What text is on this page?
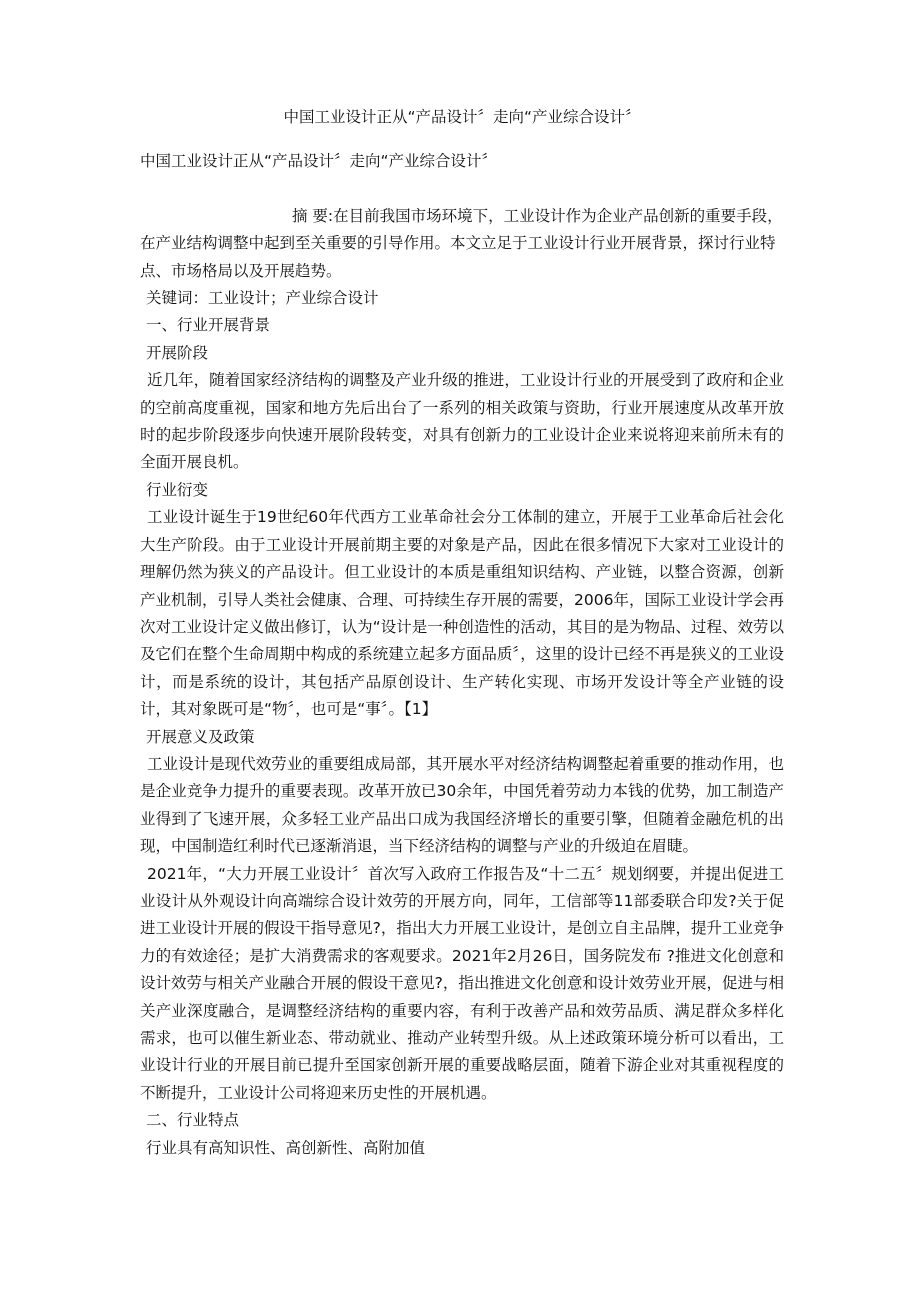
中国工业设计正从“产品设计〞走向“产业综合设计〞

中国工业设计正从“产品设计〞走向“产业综合设计〞

摘 要:在目前我国市场环境下，工业设计作为企业产品创新的重要手段，在产业结构调整中起到至关重要的引导作用。本文立足于工业设计行业开展背景，探讨行业特点、市场格局以及开展趋势。

关键词：工业设计；产业综合设计

一、行业开展背景

开展阶段

近几年，随着国家经济结构的调整及产业升级的推进，工业设计行业的开展受到了政府和企业的空前高度重视，国家和地方先后出台了一系列的相关政策与资助，行业开展速度从改革开放时的起步阶段逐步向快速开展阶段转变，对具有创新力的工业设计企业来说将迎来前所未有的全面开展良机。

行业衍变

工业设计诞生于19世纪60年代西方工业革命社会分工体制的建立，开展于工业革命后社会化大生产阶段。由于工业设计开展前期主要的对象是产品，因此在很多情况下大家对工业设计的理解仍然为狭义的产品设计。但工业设计的本质是重组知识结构、产业链，以整合资源，创新产业机制，引导人类社会健康、合理、可持续生存开展的需要，2006年，国际工业设计学会再次对工业设计定义做出修订，认为“设计是一种创造性的活动，其目的是为物品、过程、效劳以及它们在整个生命周期中构成的系统建立起多方面品质〞，这里的设计已经不再是狭义的工业设计，而是系统的设计，其包括产品原创设计、生产转化实现、市场开发设计等全产业链的设计，其对象既可是“物〞，也可是“事〞。【1】

开展意义及政策

工业设计是现代效劳业的重要组成局部，其开展水平对经济结构调整起着重要的推动作用，也是企业竞争力提升的重要表现。改革开放已30余年，中国凭着劳动力本钱的优势，加工制造产业得到了飞速开展，众多轻工业产品出口成为我国经济增长的重要引擎，但随着金融危机的出现，中国制造红利时代已逐渐消退，当下经济结构的调整与产业的升级迫在眉睫。

2021年，“大力开展工业设计〞首次写入政府工作报告及“十二五〞规划纲要，并提出促进工业设计从外观设计向高端综合设计效劳的开展方向，同年，工信部等11部委联合印发?关于促进工业设计开展的假设干指导意见?，指出大力开展工业设计，是创立自主品牌，提升工业竞争力的有效途径；是扩大消费需求的客观要求。2021年2月26日，国务院发布 ?推进文化创意和设计效劳与相关产业融合开展的假设干意见?，指出推进文化创意和设计效劳业开展，促进与相关产业深度融合，是调整经济结构的重要内容，有利于改善产品和效劳品质、满足群众多样化需求，也可以催生新业态、带动就业、推动产业转型升级。从上述政策环境分析可以看出，工业设计行业的开展目前已提升至国家创新开展的重要战略层面，随着下游企业对其重视程度的不断提升，工业设计公司将迎来历史性的开展机遇。

二、行业特点

行业具有高知识性、高创新性、高附加值
